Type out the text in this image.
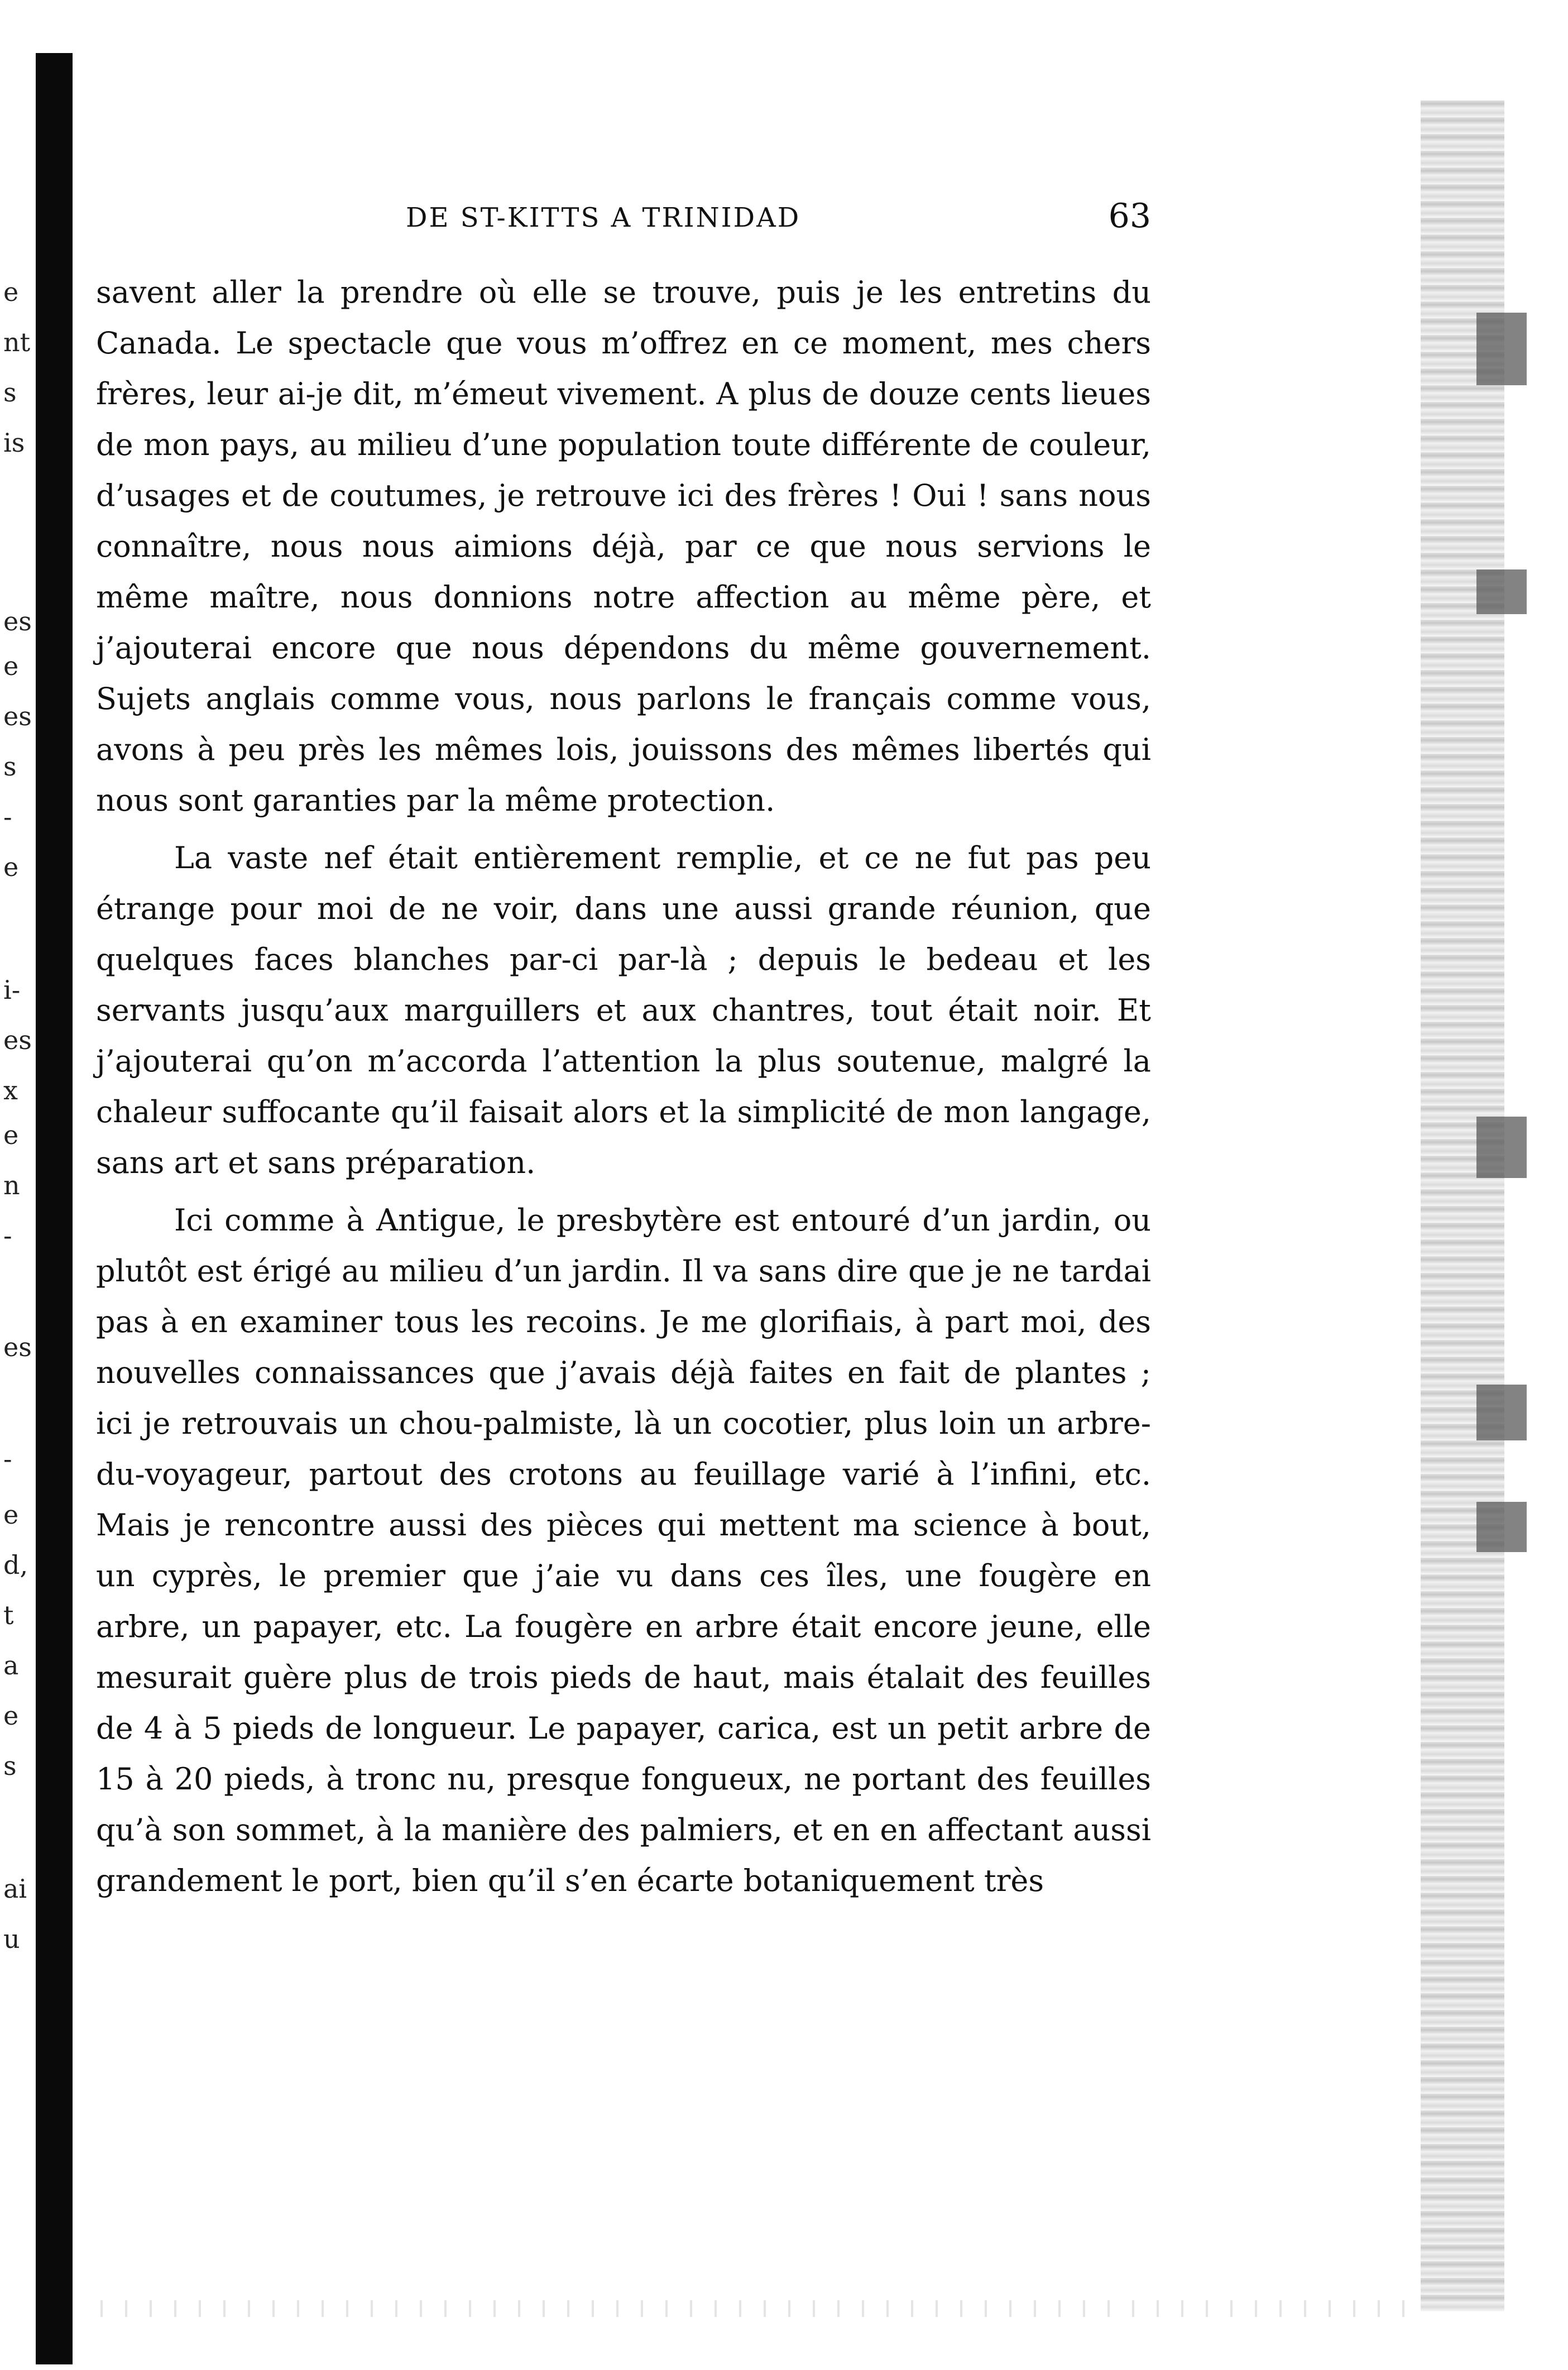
e
nt
s
is
es
e
es
s
-
e
i-
es
x
e
n
-
es
-
e
d,
t
a
e
s
ai
u
DE ST-KITTS A TRINIDAD	63

savent aller la prendre où elle se trouve, puis je les entretins du Canada. Le spectacle que vous m’offrez en ce moment, mes chers frères, leur ai-je dit, m’émeut vivement. A plus de douze cents lieues de mon pays, au milieu d’une population toute différente de couleur, d’usages et de coutumes, je retrouve ici des frères ! Oui ! sans nous connaître, nous nous aimions déjà, par ce que nous servions le même maître, nous donnions notre affection au même père, et j’ajouterai encore que nous dépendons du même gouvernement. Sujets anglais comme vous, nous parlons le français comme vous, avons à peu près les mêmes lois, jouissons des mêmes libertés qui nous sont garanties par la même protection.

La vaste nef était entièrement remplie, et ce ne fut pas peu étrange pour moi de ne voir, dans une aussi grande réunion, que quelques faces blanches par-ci par-là ; depuis le bedeau et les servants jusqu’aux marguillers et aux chantres, tout était noir. Et j’ajouterai qu’on m’accorda l’attention la plus soutenue, malgré la chaleur suffocante qu’il faisait alors et la simplicité de mon langage, sans art et sans préparation.

Ici comme à Antigue, le presbytère est entouré d’un jardin, ou plutôt est érigé au milieu d’un jardin. Il va sans dire que je ne tardai pas à en examiner tous les recoins. Je me glorifiais, à part moi, des nouvelles connaissances que j’avais déjà faites en fait de plantes ; ici je retrouvais un chou-palmiste, là un cocotier, plus loin un arbre-du-voyageur, partout des crotons au feuillage varié à l’infini, etc. Mais je rencontre aussi des pièces qui mettent ma science à bout, un cyprès, le premier que j’aie vu dans ces îles, une fougère en arbre, un papayer, etc. La fougère en arbre était encore jeune, elle mesurait guère plus de trois pieds de haut, mais étalait des feuilles de 4 à 5 pieds de longueur. Le papayer, carica, est un petit arbre de 15 à 20 pieds, à tronc nu, presque fongueux, ne portant des feuilles qu’à son sommet, à la manière des palmiers, et en en affectant aussi grandement le port, bien qu’il s’en écarte botaniquement très
